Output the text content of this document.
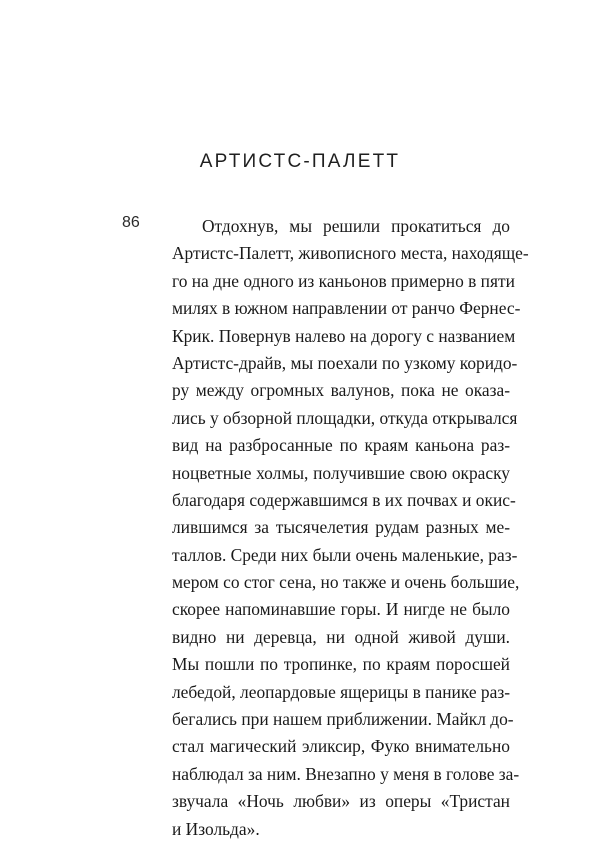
АРТИСТС-ПАЛЕТТ
86	Отдохнув, мы решили прокатиться до
Артистс-Палетт, живописного места, находяще-
го на дне одного из каньонов примерно в пяти
милях в южном направлении от ранчо Фернес-
Крик. Повернув налево на дорогу с названием
Артистс-драйв, мы поехали по узкому коридо-
ру между огромных валунов, пока не оказа-
лись у обзорной площадки, откуда открывался
вид на разбросанные по краям каньона раз-
ноцветные холмы, получившие свою окраску
благодаря содержавшимся в их почвах и окис-
лившимся за тысячелетия рудам разных ме-
таллов. Среди них были очень маленькие, раз-
мером со стог сена, но также и очень большие,
скорее напоминавшие горы. И нигде не было
видно ни деревца, ни одной живой души.
Мы пошли по тропинке, по краям поросшей
лебедой, леопардовые ящерицы в панике раз-
бегались при нашем приближении. Майкл до-
стал магический эликсир, Фуко внимательно
наблюдал за ним. Внезапно у меня в голове за-
звучала «Ночь любви» из оперы «Тристан
и Изольда».
